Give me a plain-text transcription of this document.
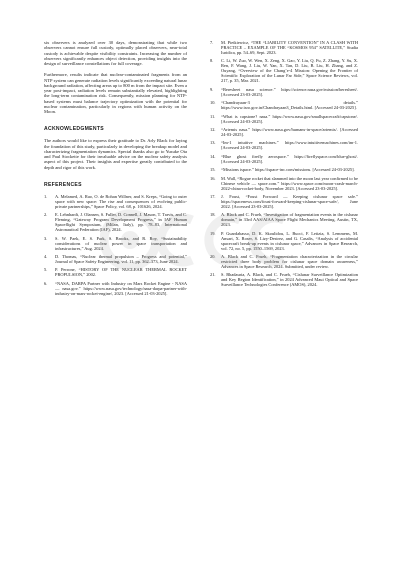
six observers is analyzed over 30 days, demonstrating that while two observers cannot ensure full custody, optimally placed observers, near-total custody is achievable despite visibility constraints. Increasing the number of observers significantly enhances object detection, providing insights into the design of surveillance constellations for full coverage.

Furthermore, results indicate that nuclear-contaminated fragments from an NTP system can generate radiation levels significantly exceeding natural lunar background radiation, affecting areas up to 800 m from the impact site. Even a year post-impact, radiation levels remain substantially elevated, highlighting the long-term contamination risk. Consequently, mission planning for NTP-based systems must balance trajectory optimization with the potential for nuclear contamination, particularly in regions with human activity on the Moon.

ACKNOWLEDGMENTS

The authors would like to express their gratitude to Dr. Arly Black for laying the foundation of this study, particularly in developing the breakup model and characterizing fragmentation dynamics. Special thanks also go to Yusuke Ota and Paul Stockette for their invaluable advice on the nuclear safety analysis aspect of this project. Their insights and expertise greatly contributed to the depth and rigor of this work.

REFERENCES
1. A. Melamed, A. Rao, O. de Rohan Willner, and S. Kreps, “Going to outer space with new space: The rise and consequences of evolving public-private partnerships,” Space Policy, vol. 68, p. 101626, 2024.
2. E. Lehnhardt, J. Olansen, S. Fuller, D. Connell, J. Mason, T. Travis, and C. Fleming, “Gateway Program Development Progress,” in IAF Human Spaceflight Symposium, (Milan, Italy), pp. 78–83, International Astronautical Federation (IAF), 2024.
3. S. W. Paek, E. S. Park, S. Brooks, and R. Roy, “Sustainability considerations of nuclear power in space transportation and infrastructures,” Aug. 2024.
4. D. Thomas, “Nuclear thermal propulsion – Progress and potential,” Journal of Space Safety Engineering, vol. 11, pp. 362–373, June 2024.
5. P. Perrone, “HISTORY OF THE NUCLEAR THERMAL ROCKET PROPULSION,” 2002.
6. “NASA, DARPA Partner with Industry on Mars Rocket Engine - NASA — nasa.gov.” https://www.nasa.gov/technology/nasa-darpa-partner-with-industry-on-mars-rocket-engine/, 2023. [Accessed 21-03-2025].
7. M. Pietkiewicz, “THE “LIABILITY CONVENTION” IN A CLASH WITH PRACTICE – EXAMPLE OF THE “KOSMOS 954” SATELLITE,” Studia Iuridica, pp. 54–69, Sept. 2023.
8. C. Li, W. Zuo, W. Wen, X. Zeng, X. Gao, Y. Liu, Q. Fu, Z. Zhang, Y. Su, X. Ren, F. Wang, J. Liu, W. Yan, X. Tan, D. Liu, B. Liu, H. Zhang, and Z. Ouyang, “Overview of the Chang’e-4 Mission: Opening the Frontier of Scientific Exploration of the Lunar Far Side,” Space Science Reviews, vol. 217, p. 35, Mar. 2021.
9. “Beresheet nasa science.” https://science.nasa.gov/mission/beresheet/. [Accessed 23-03-2025].
10. “Chandrayaan-3 details.” https://www.isro.gov.in/Chandrayaan3_Details.html. [Accessed 24-03-2025].
11. “What is capstone? nasa.” https://www.nasa.gov/smallspacecraft/capstone/. [Accessed 24-03-2025].
12. “Artemis nasa.” https://www.nasa.gov/humans-in-space/artemis/. [Accessed 24-03-2025].
13. “Im-1 intuitive machines.” https://www.intuitivemachines.com/im-1. [Accessed 24-03-2025].
14. “Blue ghost firefly aerospace.” https://fireflyspace.com/blue-ghost/. [Accessed 24-03-2025].
15. “Missions ispace.” https://ispace-inc.com/missions. [Accessed 24-03-2025].
16. M. Wall, “Rogue rocket that slammed into the moon last year confirmed to be Chinese vehicle — space.com.” https://www.space.com/moon-crash-march-2022-china-rocket-body, November 2023. [Accessed 23-03-2025].
17. J. Foust, “Foust Forward — Keeping cislunar space safe.” https://spacenews.com/foust-forward-keeping-cislunar-space-safe/, June 2022. [Accessed 23-03-2025].
18. A. Black and C. Frueh, “Investigation of fragmentation events in the cislunar domain,” in 33rd AAS/AIAA Space Flight Mechanics Meeting, Austin, TX, 2023.
19. P. Guardabasso, D. K. Skoulidou, L. Bucci, F. Letizia, S. Lemmens, M. Ansart, X. Roser, S. Lizy-Destrez, and G. Casalis, “Analysis of accidental spacecraft break-up events in cislunar space,” Advances in Space Research, vol. 72, no. 5, pp. 1550–1569, 2023.
20. A. Black and C. Frueh, “Fragmentation characterization in the circular restricted three body problem for cislunar space domain awareness,” Advances in Space Research, 2024. Submitted, under review.
21. S. Bhadauria, A. Black, and C. Frueh, “Cislunar Surveillance Optimization and Key Region Identification,” in 2024 Advanced Maui Optical and Space Surveillance Technologies Conference (AMOS), 2024.
